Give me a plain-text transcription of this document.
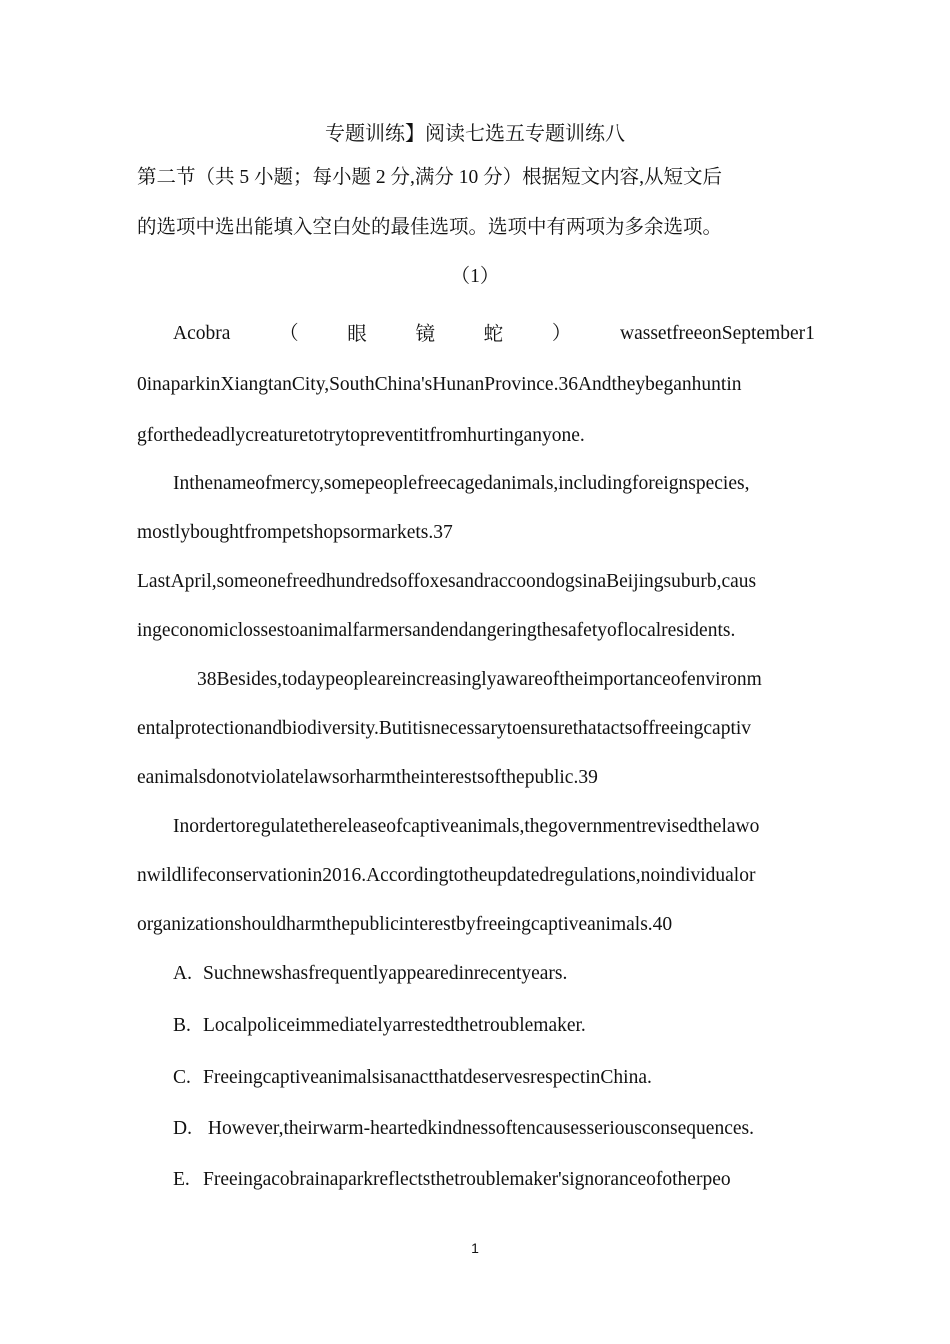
专题训练】阅读七选五专题训练八
第二节（共 5 小题；每小题 2 分,满分 10 分）根据短文内容,从短文后
的选项中选出能填入空白处的最佳选项。选项中有两项为多余选项。
（1）
Acobra （ 眼 镜 蛇 ） wassetfreeonSeptember1
0inaparkinXiangtanCity,SouthChina'sHunanProvince.36Andtheybeganhuntin
gforthedeadlycreaturetotrytopreventitfromhurtinganyone.
Inthenameofmercy,somepeoplefreecagedanimals,includingforeignspecies,
mostlyboughtfrompetshopsormarkets.37
LastApril,someonefreedhundredsoffoxesandraccoondogsinaBeijingsuburb,caus
ingeconomiclossestoanimalfarmersandendangeringthesafetyoflocalresidents.
38Besides,todaypeopleareincreasinglyawareoftheimportanceofenvironm
entalprotectionandbiodiversity.Butitisnecessarytoensurethatactsoffreeingcaptiv
eanimalsdonotviolatelawsorharmtheinterestsofthepublic.39
Inordertoregulatethereleaseofcaptiveanimals,thegovernmentrevisedthelawo
nwildlifeconservationin2016.Accordingtotheupdatedregulations,noindividualor
organizationshouldharmthepublicinterestbyfreeingcaptiveanimals.40
A. Suchnewshasfrequentlyappearedinrecentyears.
B. Localpoliceimmediatelyarrestedthetroublemaker.
C. FreeingcaptiveanimalsisanactthatdeservesrespectinChina.
D. However,theirwarm-heartedkindnessoftencausesseriousconsequences.
E. Freeingacobrainaparkreflectsthetroublemaker'signoranceofotherpeo
1
